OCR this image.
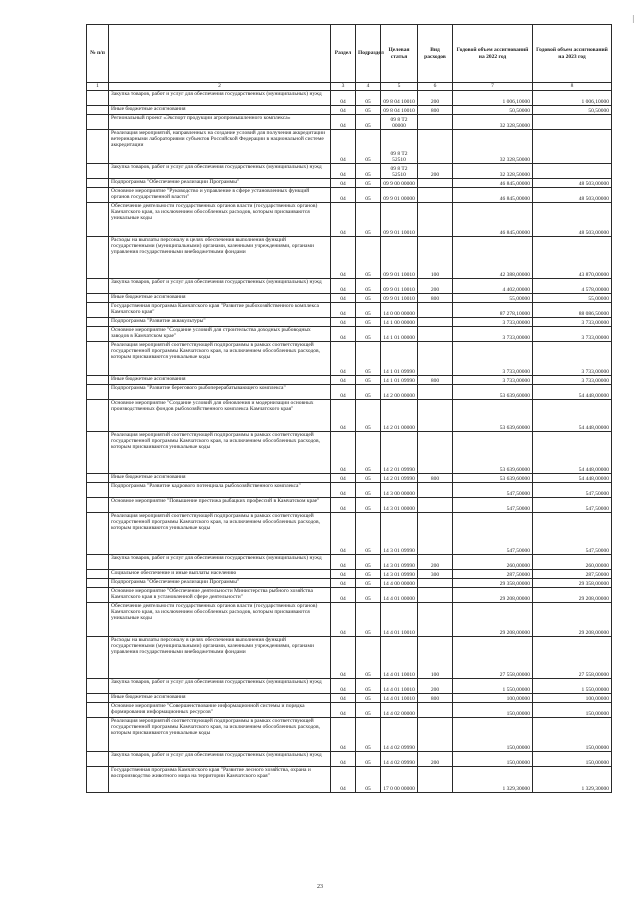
|
№ п/п		Раздел	Подраздел	Целевая статья	Вид расходов	Годовой объем ассигнований на 2022 год	Годовой объем ассигнований на 2023 год
1	2	3	4	5	6	7	8
	Закупка товаров, работ и услуг для обеспечения государственных (муниципальных) нужд	04	05	09 8 04 10010	200	1 006,10000	1 006,10000
	Иные бюджетные ассигнования	04	05	09 8 04 10010	800	50,50000	50,50000
	Региональный проект «Экспорт продукции агропромышленного комплекса»	04	05	09 8 T2 00000		32 328,50000	
	Реализация мероприятий, направленных на создание условий для получения аккредитации ветеринарными лабораториями субъектов Российской Федерации в национальной системе аккредитации	04	05	09 8 T2 52510		32 328,50000	
	Закупка товаров, работ и услуг для обеспечения государственных (муниципальных) нужд	04	05	09 8 T2 52510	200	32 328,50000	
	Подпрограмма "Обеспечение реализации Программы"	04	05	09 9 00 00000		46 845,00000	48 503,00000
	Основное мероприятие "Руководство и управление в сфере установленных функций органов государственной власти"	04	05	09 9 01 00000		46 845,00000	48 503,00000
	Обеспечение деятельности государственных органов власти (государственных органов) Камчатского края, за исключением обособленных расходов, которым присваиваются уникальные коды	04	05	09 9 01 10010		46 845,00000	48 503,00000
	Расходы на выплаты персоналу в целях обеспечения выполнения функций государственными (муниципальными) органами, казенными учреждениями, органами управления государственными внебюджетными фондами	04	05	09 9 01 10010	100	42 388,00000	43 870,00000
	Закупка товаров, работ и услуг для обеспечения государственных (муниципальных) нужд	04	05	09 9 01 10010	200	4 402,00000	4 578,00000
	Иные бюджетные ассигнования	04	05	09 9 01 10010	800	55,00000	55,00000
	Государственная программа Камчатского края "Развитие рыбохозяйственного комплекса Камчатского края"	04	05	14 0 00 00000		87 278,10000	88 086,50000
	Подпрограмма "Развитие аквакультуры"	04	05	14 1 00 00000		3 733,00000	3 733,00000
	Основное мероприятие "Создание условий для строительства доходных рыбоводных заводов в Камчатском крае"	04	05	14 1 01 00000		3 733,00000	3 733,00000
	Реализация мероприятий соответствующей подпрограммы в рамках соответствующей государственной программы Камчатского края, за исключением обособленных расходов, которым присваиваются уникальные коды	04	05	14 1 01 09990		3 733,00000	3 733,00000
	Иные бюджетные ассигнования	04	05	14 1 01 09990	800	3 733,00000	3 733,00000
	Подпрограмма "Развитие берегового рыбоперерабатывающего комплекса"	04	05	14 2 00 00000		53 639,60000	54 448,00000
	Основное мероприятие "Создание условий для обновления и модернизации основных производственных фондов рыбохозяйственного комплекса Камчатского края"	04	05	14 2 01 00000		53 639,60000	54 448,00000
	Реализация мероприятий соответствующей подпрограммы в рамках соответствующей государственной программы Камчатского края, за исключением обособленных расходов, которым присваиваются уникальные коды	04	05	14 2 01 09990		53 639,60000	54 448,00000
	Иные бюджетные ассигнования	04	05	14 2 01 09990	800	53 639,60000	54 448,00000
	Подпрограмма "Развитие кадрового потенциала рыбохозяйственного комплекса"	04	05	14 3 00 00000		547,50000	547,50000
	Основное мероприятие "Повышение престижа рыбацких профессий в Камчатском крае"	04	05	14 3 01 00000		547,50000	547,50000
	Реализация мероприятий соответствующей подпрограммы в рамках соответствующей государственной программы Камчатского края, за исключением обособленных расходов, которым присваиваются уникальные коды	04	05	14 3 01 09990		547,50000	547,50000
	Закупка товаров, работ и услуг для обеспечения государственных (муниципальных) нужд	04	05	14 3 01 09990	200	260,00000	260,00000
	Социальное обеспечение и иные выплаты населению	04	05	14 3 01 09990	300	287,50000	287,50000
	Подпрограмма "Обеспечение реализации Программы"	04	05	14 4 00 00000		29 358,00000	29 358,00000
	Основное мероприятие "Обеспечение деятельности Министерства рыбного хозяйства Камчатского края в установленной сфере деятельности"	04	05	14 4 01 00000		29 208,00000	29 208,00000
	Обеспечение деятельности государственных органов власти (государственных органов) Камчатского края, за исключением обособленных расходов, которым присваиваются уникальные коды	04	05	14 4 01 10010		29 208,00000	29 208,00000
	Расходы на выплаты персоналу в целях обеспечения выполнения функций государственными (муниципальными) органами, казенными учреждениями, органами управления государственными внебюджетными фондами	04	05	14 4 01 10010	100	27 558,00000	27 558,00000
	Закупка товаров, работ и услуг для обеспечения государственных (муниципальных) нужд	04	05	14 4 01 10010	200	1 550,00000	1 550,00000
	Иные бюджетные ассигнования	04	05	14 4 01 10010	800	100,00000	100,00000
	Основное мероприятие "Совершенствование информационной системы и порядка формирования информационных ресурсов"	04	05	14 4 02 00000		150,00000	150,00000
	Реализация мероприятий соответствующей подпрограммы в рамках соответствующей государственной программы Камчатского края, за исключением обособленных расходов, которым присваиваются уникальные коды	04	05	14 4 02 09990		150,00000	150,00000
	Закупка товаров, работ и услуг для обеспечения государственных (муниципальных) нужд	04	05	14 4 02 09990	200	150,00000	150,00000
	Государственная программа Камчатского края "Развитие лесного хозяйства, охрана и воспроизводство животного мира на территории Камчатского края"	04	05	17 0 00 00000		1 329,30000	1 329,30000
23
